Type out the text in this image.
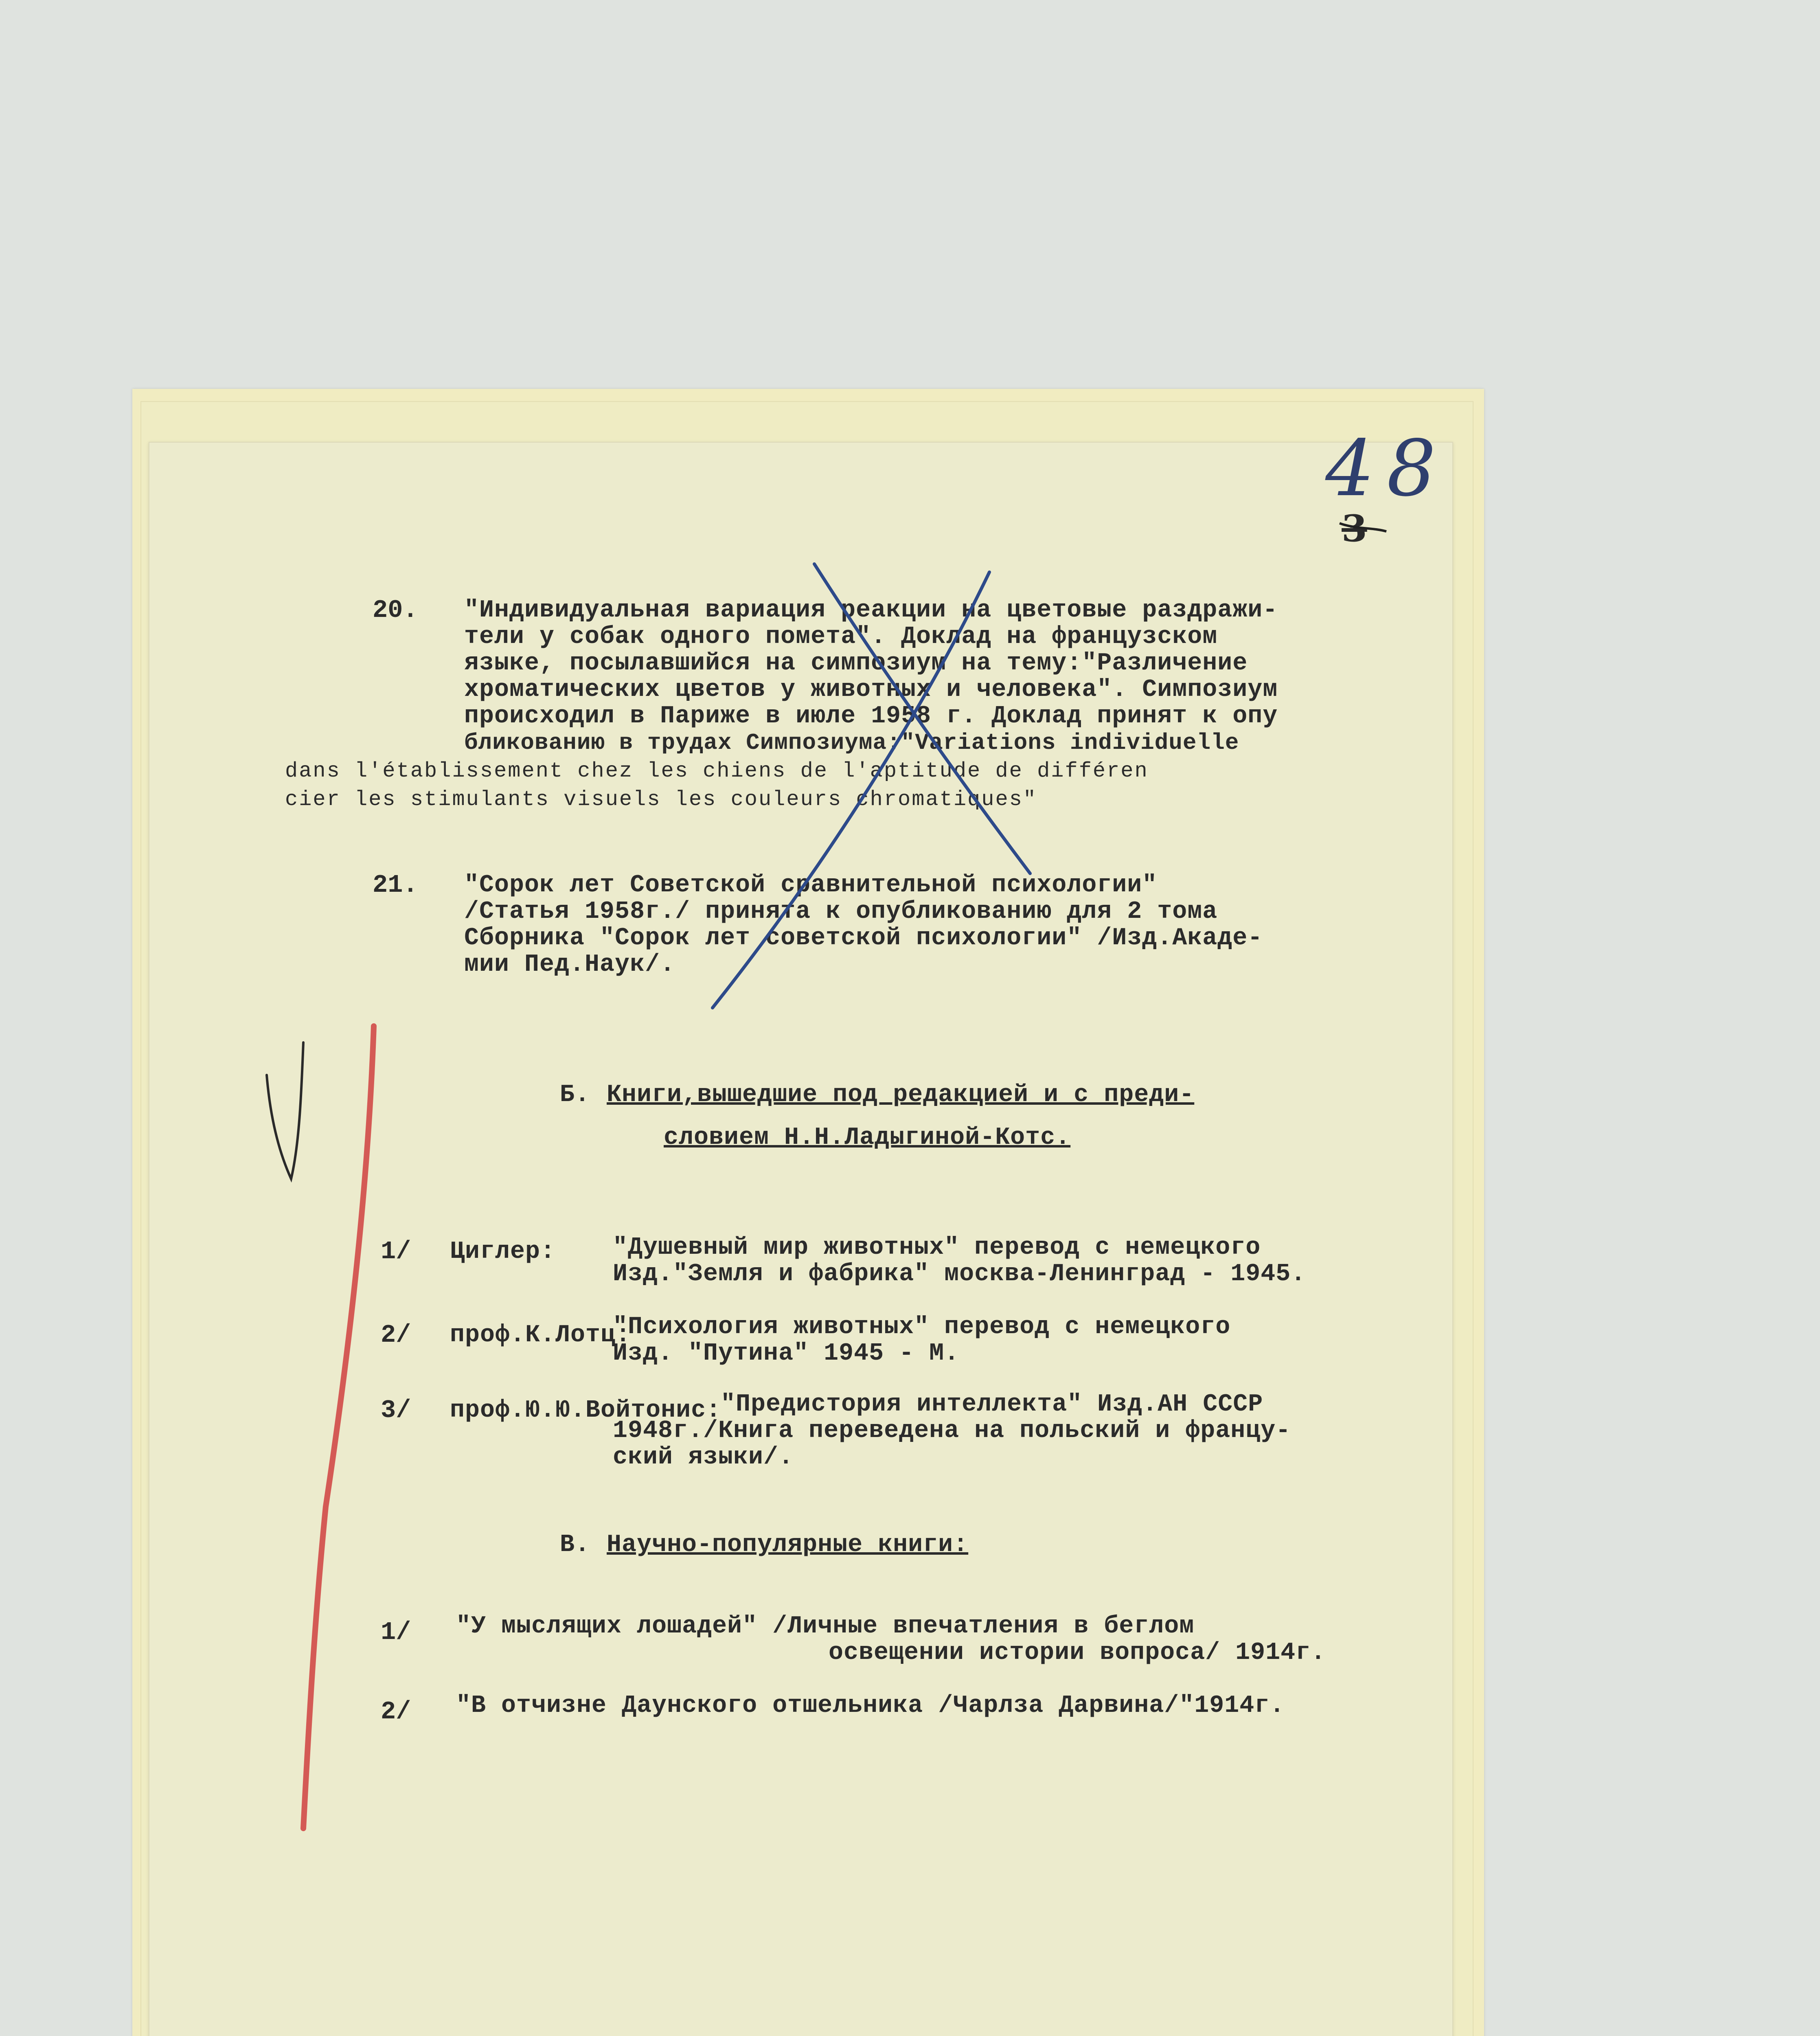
48
3
20. "Индивидуальная вариация реакции на цветовые раздражи-
тели у собак одного помета". Доклад на французском
языке, посылавшийся на симпозиум на тему:"Различение
хроматических цветов у животных и человека". Симпозиум
происходил в Париже в июле 1958 г. Доклад принят к опу
бликованию в трудах Симпозиума:"Variations individuelle
dans l'établissement chez les chiens de l'aptitude de différen
cier les stimulants visuels les couleurs chromatiques"
21. "Сорок лет Советской сравнительной психологии"
/Статья 1958г./ принята к опубликованию для 2 тома
Сборника "Сорок лет советской психологии" /Изд.Акаде-
мии Пед.Наук/.
Б. Книги,вышедшие под редакцией и с преди-
словием Н.Н.Ладыгиной-Котс.
1/ Циглер: "Душевный мир животных" перевод с немецкого
Изд."Земля и фабрика" москва-Ленинград - 1945.
2/ проф.К.Лотц:
"Психология животных" перевод с немецкого
Изд. "Путина" 1945 - М.
3/ проф.Ю.Ю.Войтонис:
"Предистория интеллекта" Изд.АН СССР
1948г./Книга переведена на польский и францу-
ский языки/.
В. Научно-популярные книги:
1/ "У мыслящих лошадей" /Личные впечатления в беглом
освещении истории вопроса/ 1914г.
2/ "В отчизне Даунского отшельника /Чарлза Дарвина/"1914г.
